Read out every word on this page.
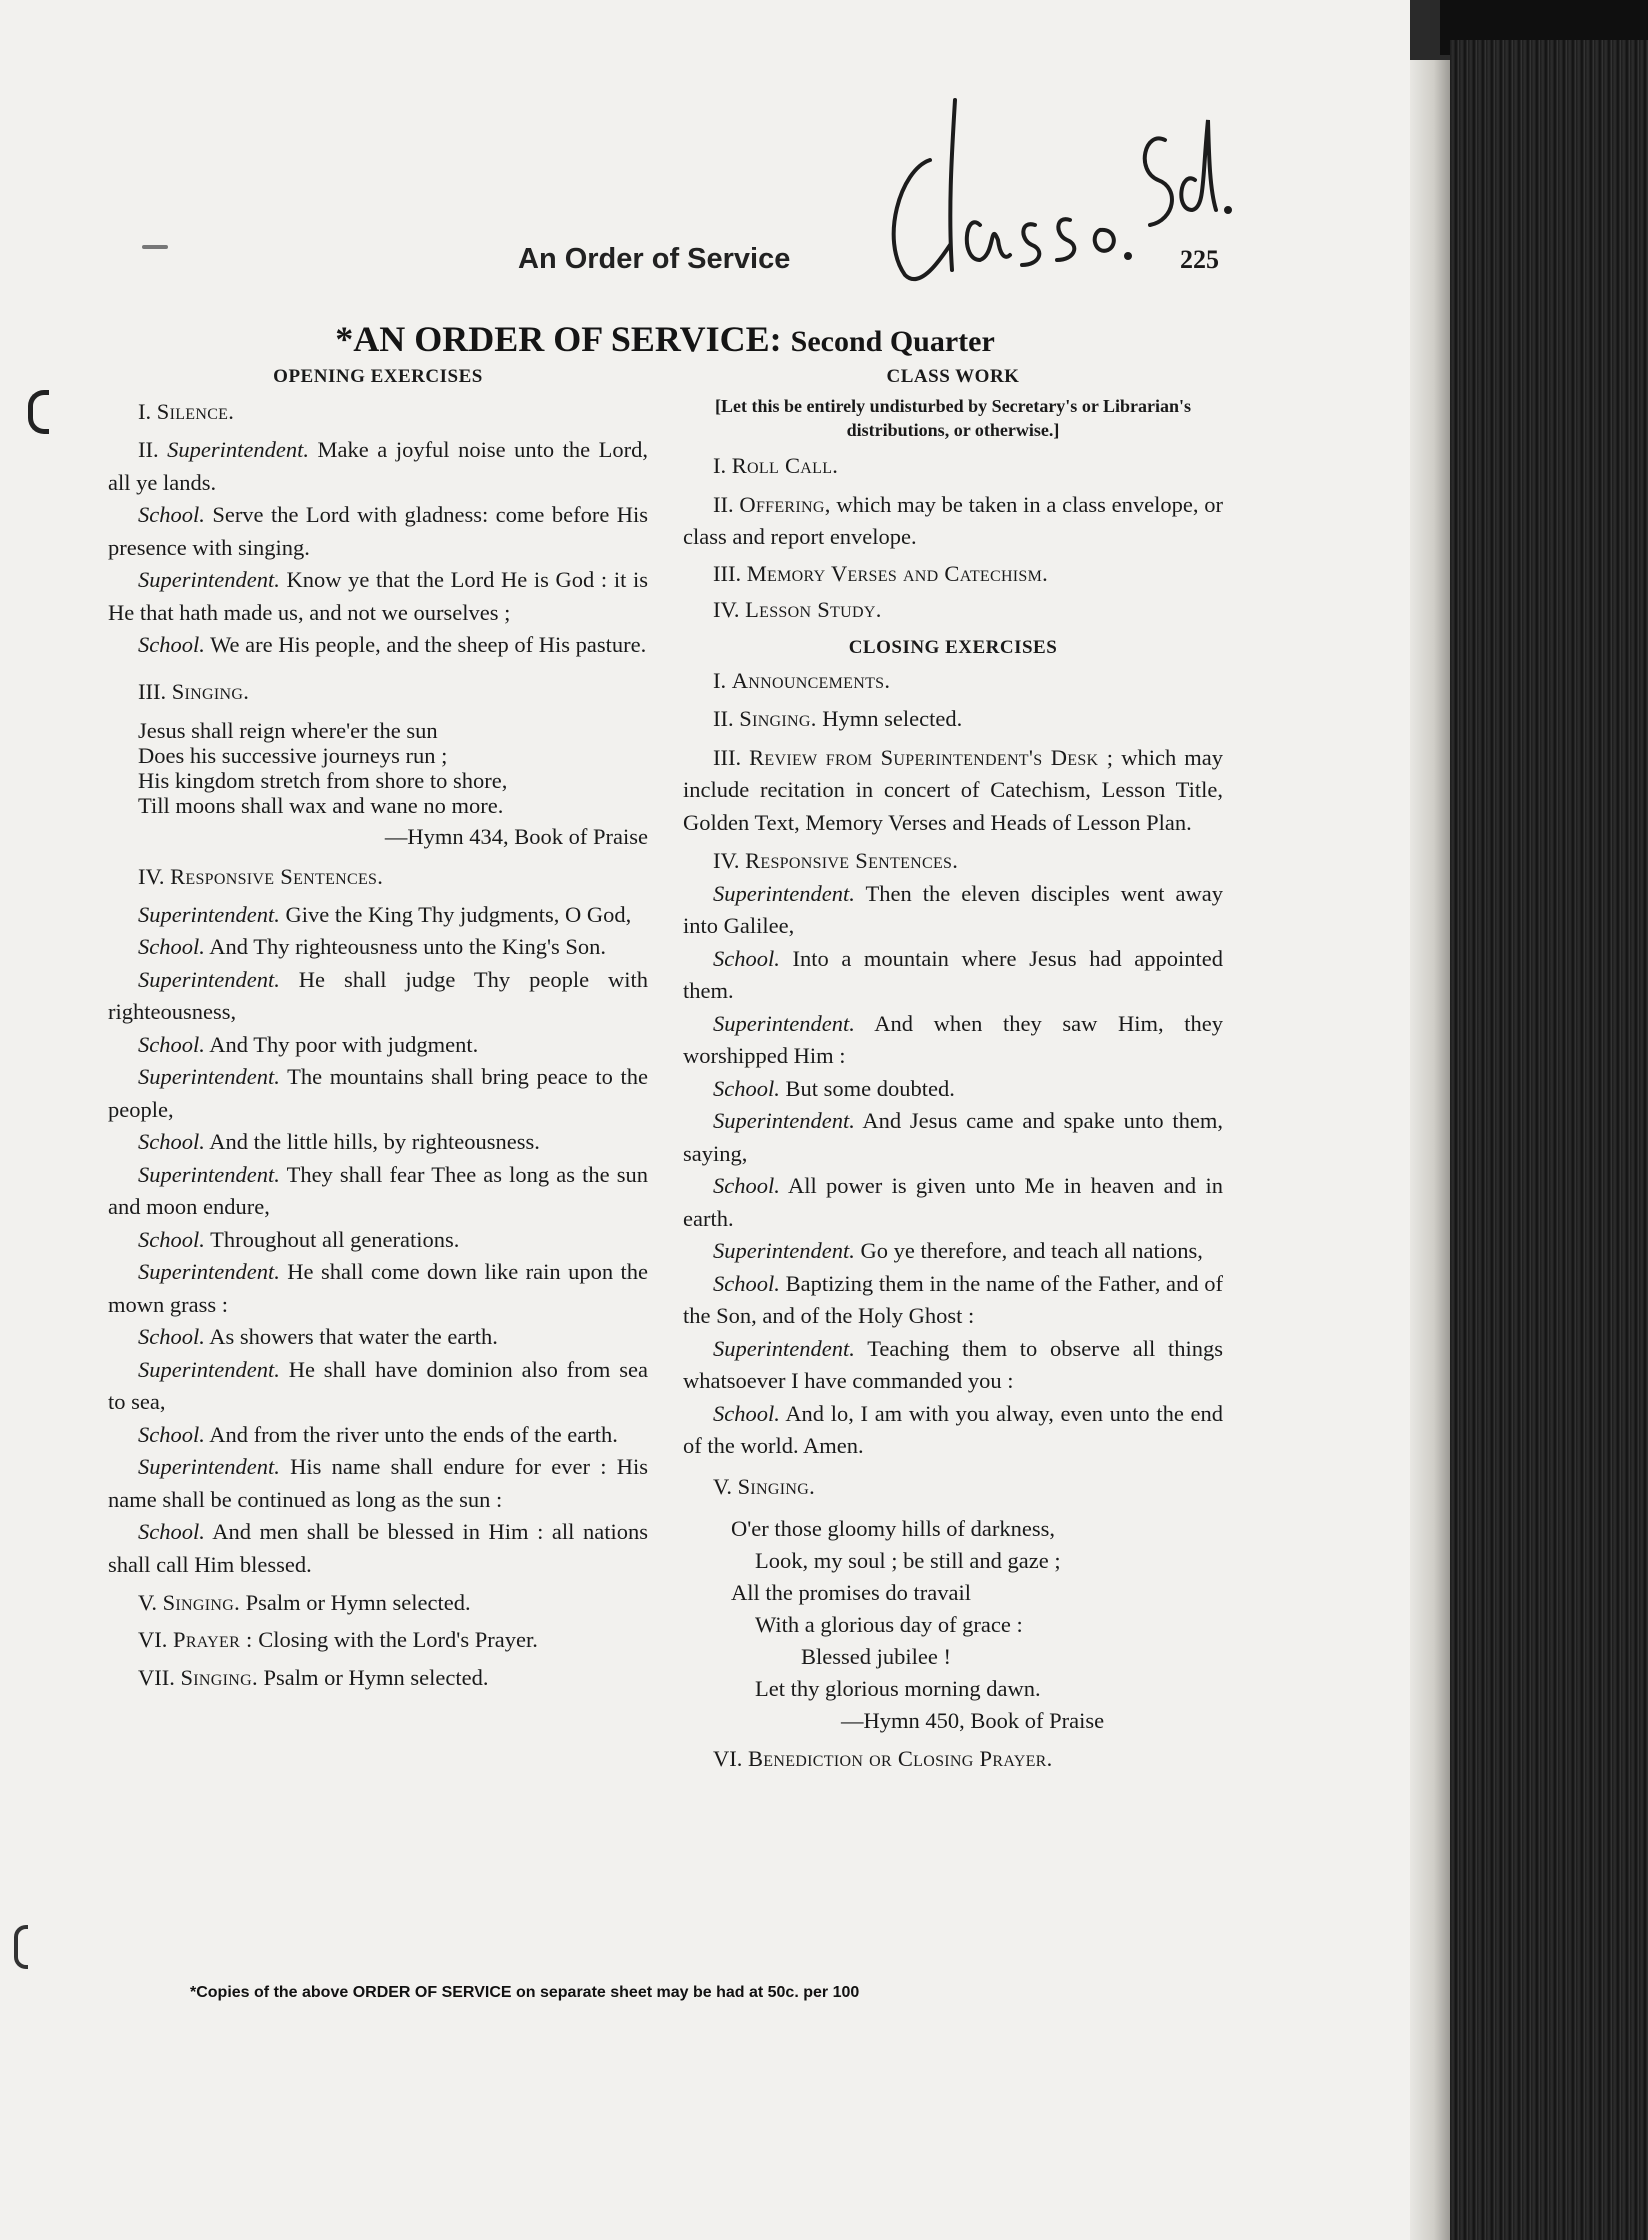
An Order of Service	225
*AN ORDER OF SERVICE: Second Quarter
OPENING EXERCISES
I. Silence.

II. Superintendent. Make a joyful noise unto the Lord, all ye lands.

School. Serve the Lord with gladness: come before His presence with singing.

Superintendent. Know ye that the Lord He is God : it is He that hath made us, and not we ourselves ;

School. We are His people, and the sheep of His pasture.

III. Singing.
Jesus shall reign where'er the sun
Does his successive journeys run ;
His kingdom stretch from shore to shore,
Till moons shall wax and wane no more.
—Hymn 434, Book of Praise
IV. Responsive Sentences.

Superintendent. Give the King Thy judgments, O God,

School. And Thy righteousness unto the King's Son.

Superintendent. He shall judge Thy people with righteousness,

School. And Thy poor with judgment.

Superintendent. The mountains shall bring peace to the people,

School. And the little hills, by righteousness.

Superintendent. They shall fear Thee as long as the sun and moon endure,

School. Throughout all generations.

Superintendent. He shall come down like rain upon the mown grass :

School. As showers that water the earth.

Superintendent. He shall have dominion also from sea to sea,

School. And from the river unto the ends of the earth.

Superintendent. His name shall endure for ever : His name shall be continued as long as the sun :

School. And men shall be blessed in Him : all nations shall call Him blessed.

V. Singing. Psalm or Hymn selected.

VI. Prayer : Closing with the Lord's Prayer.

VII. Singing. Psalm or Hymn selected.

CLASS WORK
[Let this be entirely undisturbed by Secretary's or Librarian's distributions, or otherwise.]

I. Roll Call.

II. Offering, which may be taken in a class envelope, or class and report envelope.

III. Memory Verses and Catechism.

IV. Lesson Study.

CLOSING EXERCISES

I. Announcements.

II. Singing. Hymn selected.

III. Review from Superintendent's Desk ; which may include recitation in concert of Catechism, Lesson Title, Golden Text, Memory Verses and Heads of Lesson Plan.

IV. Responsive Sentences.

Superintendent. Then the eleven disciples went away into Galilee,

School. Into a mountain where Jesus had appointed them.

Superintendent. And when they saw Him, they worshipped Him :

School. But some doubted.

Superintendent. And Jesus came and spake unto them, saying,

School. All power is given unto Me in heaven and in earth.

Superintendent. Go ye therefore, and teach all nations,

School. Baptizing them in the name of the Father, and of the Son, and of the Holy Ghost :

Superintendent. Teaching them to observe all things whatsoever I have commanded you :

School. And lo, I am with you alway, even unto the end of the world. Amen.

V. Singing.

O'er those gloomy hills of darkness,
Look, my soul ; be still and gaze ;
All the promises do travail
With a glorious day of grace :
Blessed jubilee !
Let thy glorious morning dawn.
—Hymn 450, Book of Praise

VI. Benediction or Closing Prayer.

*Copies of the above ORDER OF SERVICE on separate sheet may be had at 50c. per 100
